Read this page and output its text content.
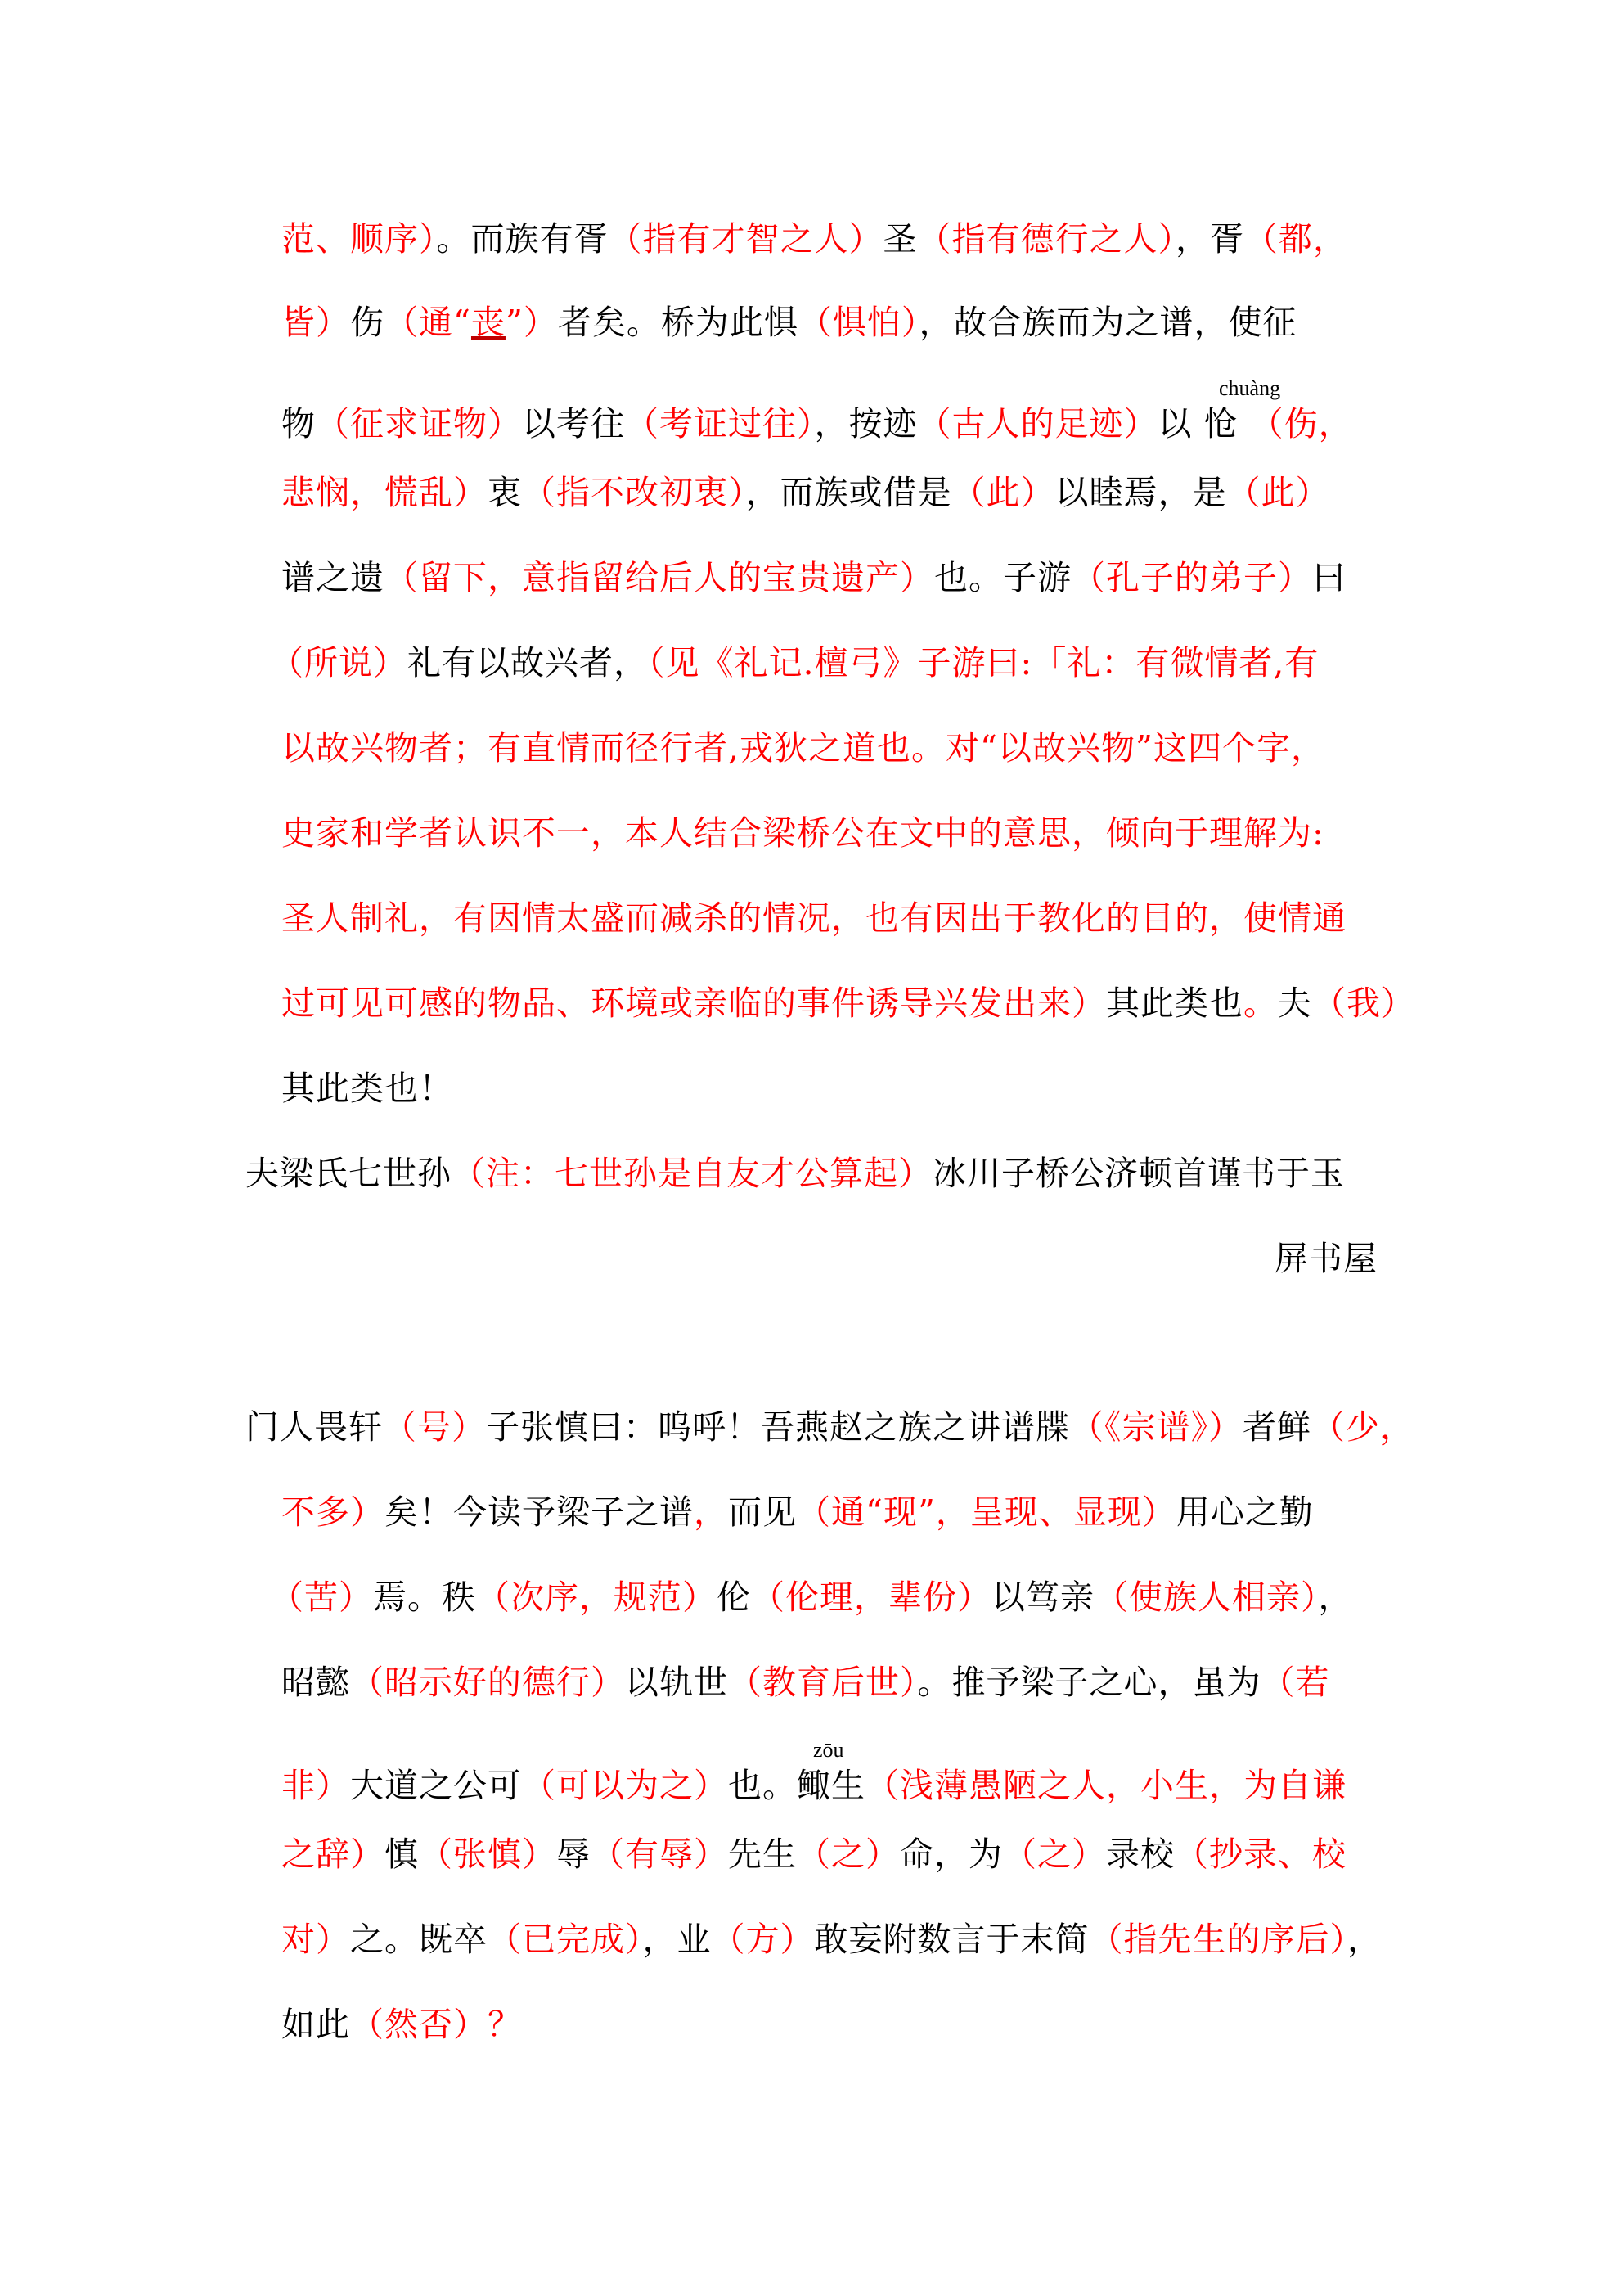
范、顺序）。而族有胥（指有才智之人）圣（指有德行之人），胥（都，
皆）伤（通“丧”）者矣。桥为此惧（惧怕），故合族而为之谱，使征
chuàng
物（征求证物）以考往（考证过往），按迹（古人的足迹）以 怆 （伤，
悲悯，慌乱）衷（指不改初衷），而族或借是（此）以睦焉，是（此）
谱之遗（留下，意指留给后人的宝贵遗产）也。子游（孔子的弟子）曰
（所说）礼有以故兴者，（见《礼记.檀弓》子游曰:「礼：有微情者,有
以故兴物者；有直情而径行者,戎狄之道也。对“以故兴物”这四个字，
史家和学者认识不一，本人结合梁桥公在文中的意思，倾向于理解为:
圣人制礼，有因情太盛而减杀的情况，也有因出于教化的目的，使情通
过可见可感的物品、环境或亲临的事件诱导兴发出来）其此类也。夫（我）
其此类也！
夫梁氏七世孙（注：七世孙是自友才公算起）冰川子桥公济顿首谨书于玉
屏书屋
门人畏轩（号）子张慎曰：呜呼！吾燕赵之族之讲谱牒（《宗谱》）者鲜（少，
不多）矣！今读予梁子之谱，而见（通“现”，呈现、显现）用心之勤
（苦）焉。秩（次序，规范）伦（伦理，辈份）以笃亲（使族人相亲），
昭懿（昭示好的德行）以轨世（教育后世）。推予梁子之心，虽为（若
zōu
非）大道之公可（可以为之）也。鲰生（浅薄愚陋之人，小生，为自谦
之辞）慎（张慎）辱（有辱）先生（之）命，为（之）录校（抄录、校
对）之。既卒（已完成），业（方）敢妄附数言于末简（指先生的序后），
如此（然否）？
